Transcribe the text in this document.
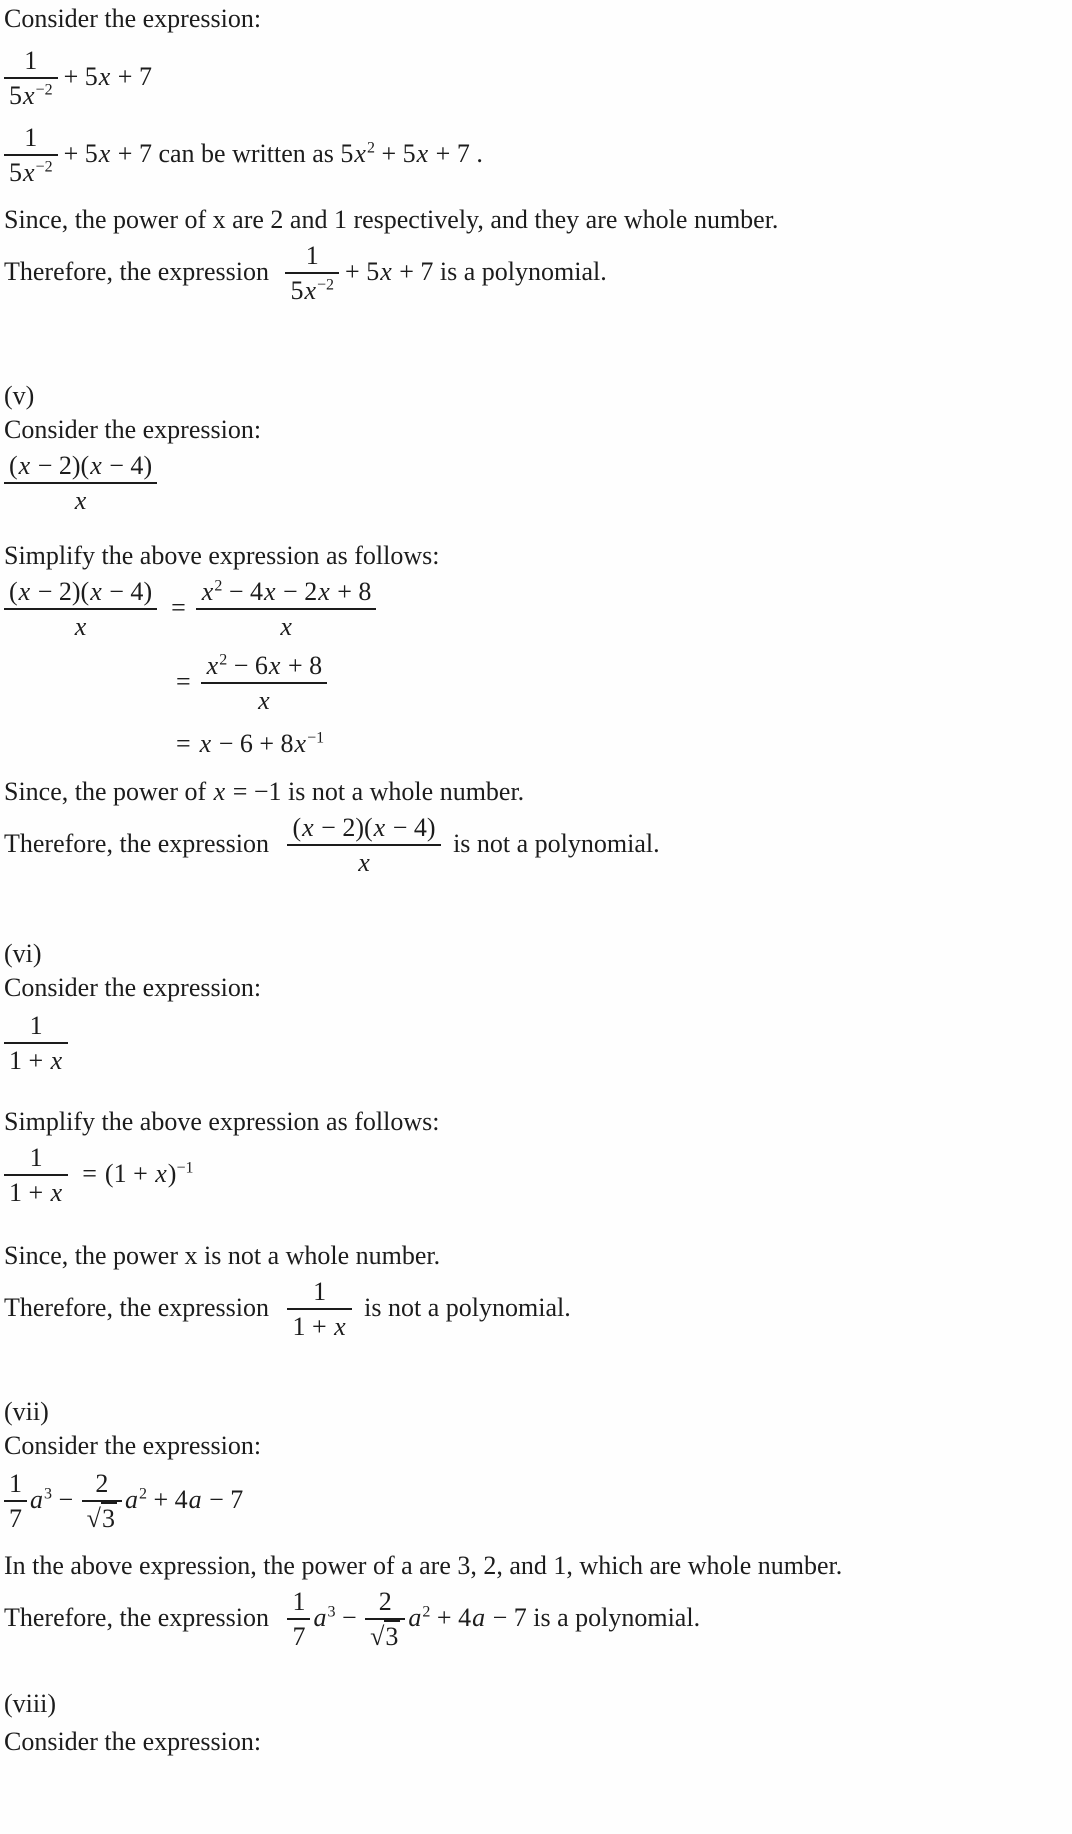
Consider the expression:

$\frac{1}{5x^{-2}} + 5x + 7$
$\frac{1}{5x^{-2}} + 5x + 7$ can be written as $5x^2 + 5x + 7$ .

Since, the power of x are 2 and 1 respectively, and they are whole number.

Therefore, the expression $\frac{1}{5x^{-2}} + 5x + 7$ is a polynomial.

(v)

Consider the expression:

$\frac{(x - 2)(x - 4)}{x}$

Simplify the above expression as follows:

$\frac{(x - 2)(x - 4)}{x} = \frac{x^2 - 4x - 2x + 8}{x}$
= $\frac{x^2 - 6x + 8}{x}$
= $x - 6 + 8x^{-1}$

Since, the power of x = −1 is not a whole number.

Therefore, the expression $\frac{(x - 2)(x - 4)}{x}$ is not a polynomial.

(vi)

Consider the expression:

$\frac{1}{1 + x}$

Simplify the above expression as follows:

$\frac{1}{1 + x} = (1 + x)^{-1}$

Since, the power x is not a whole number.

Therefore, the expression $\frac{1}{1 + x}$ is not a polynomial.

(vii)

Consider the expression:

$\frac{1}{7} a^3 - \frac{2}{√3} a^2 + 4a - 7$

In the above expression, the power of a are 3, 2, and 1, which are whole number.

Therefore, the expression $\frac{1}{7} a^3 - \frac{2}{√3} a^2 + 4a - 7$ is a polynomial.

(viii)

Consider the expression:
